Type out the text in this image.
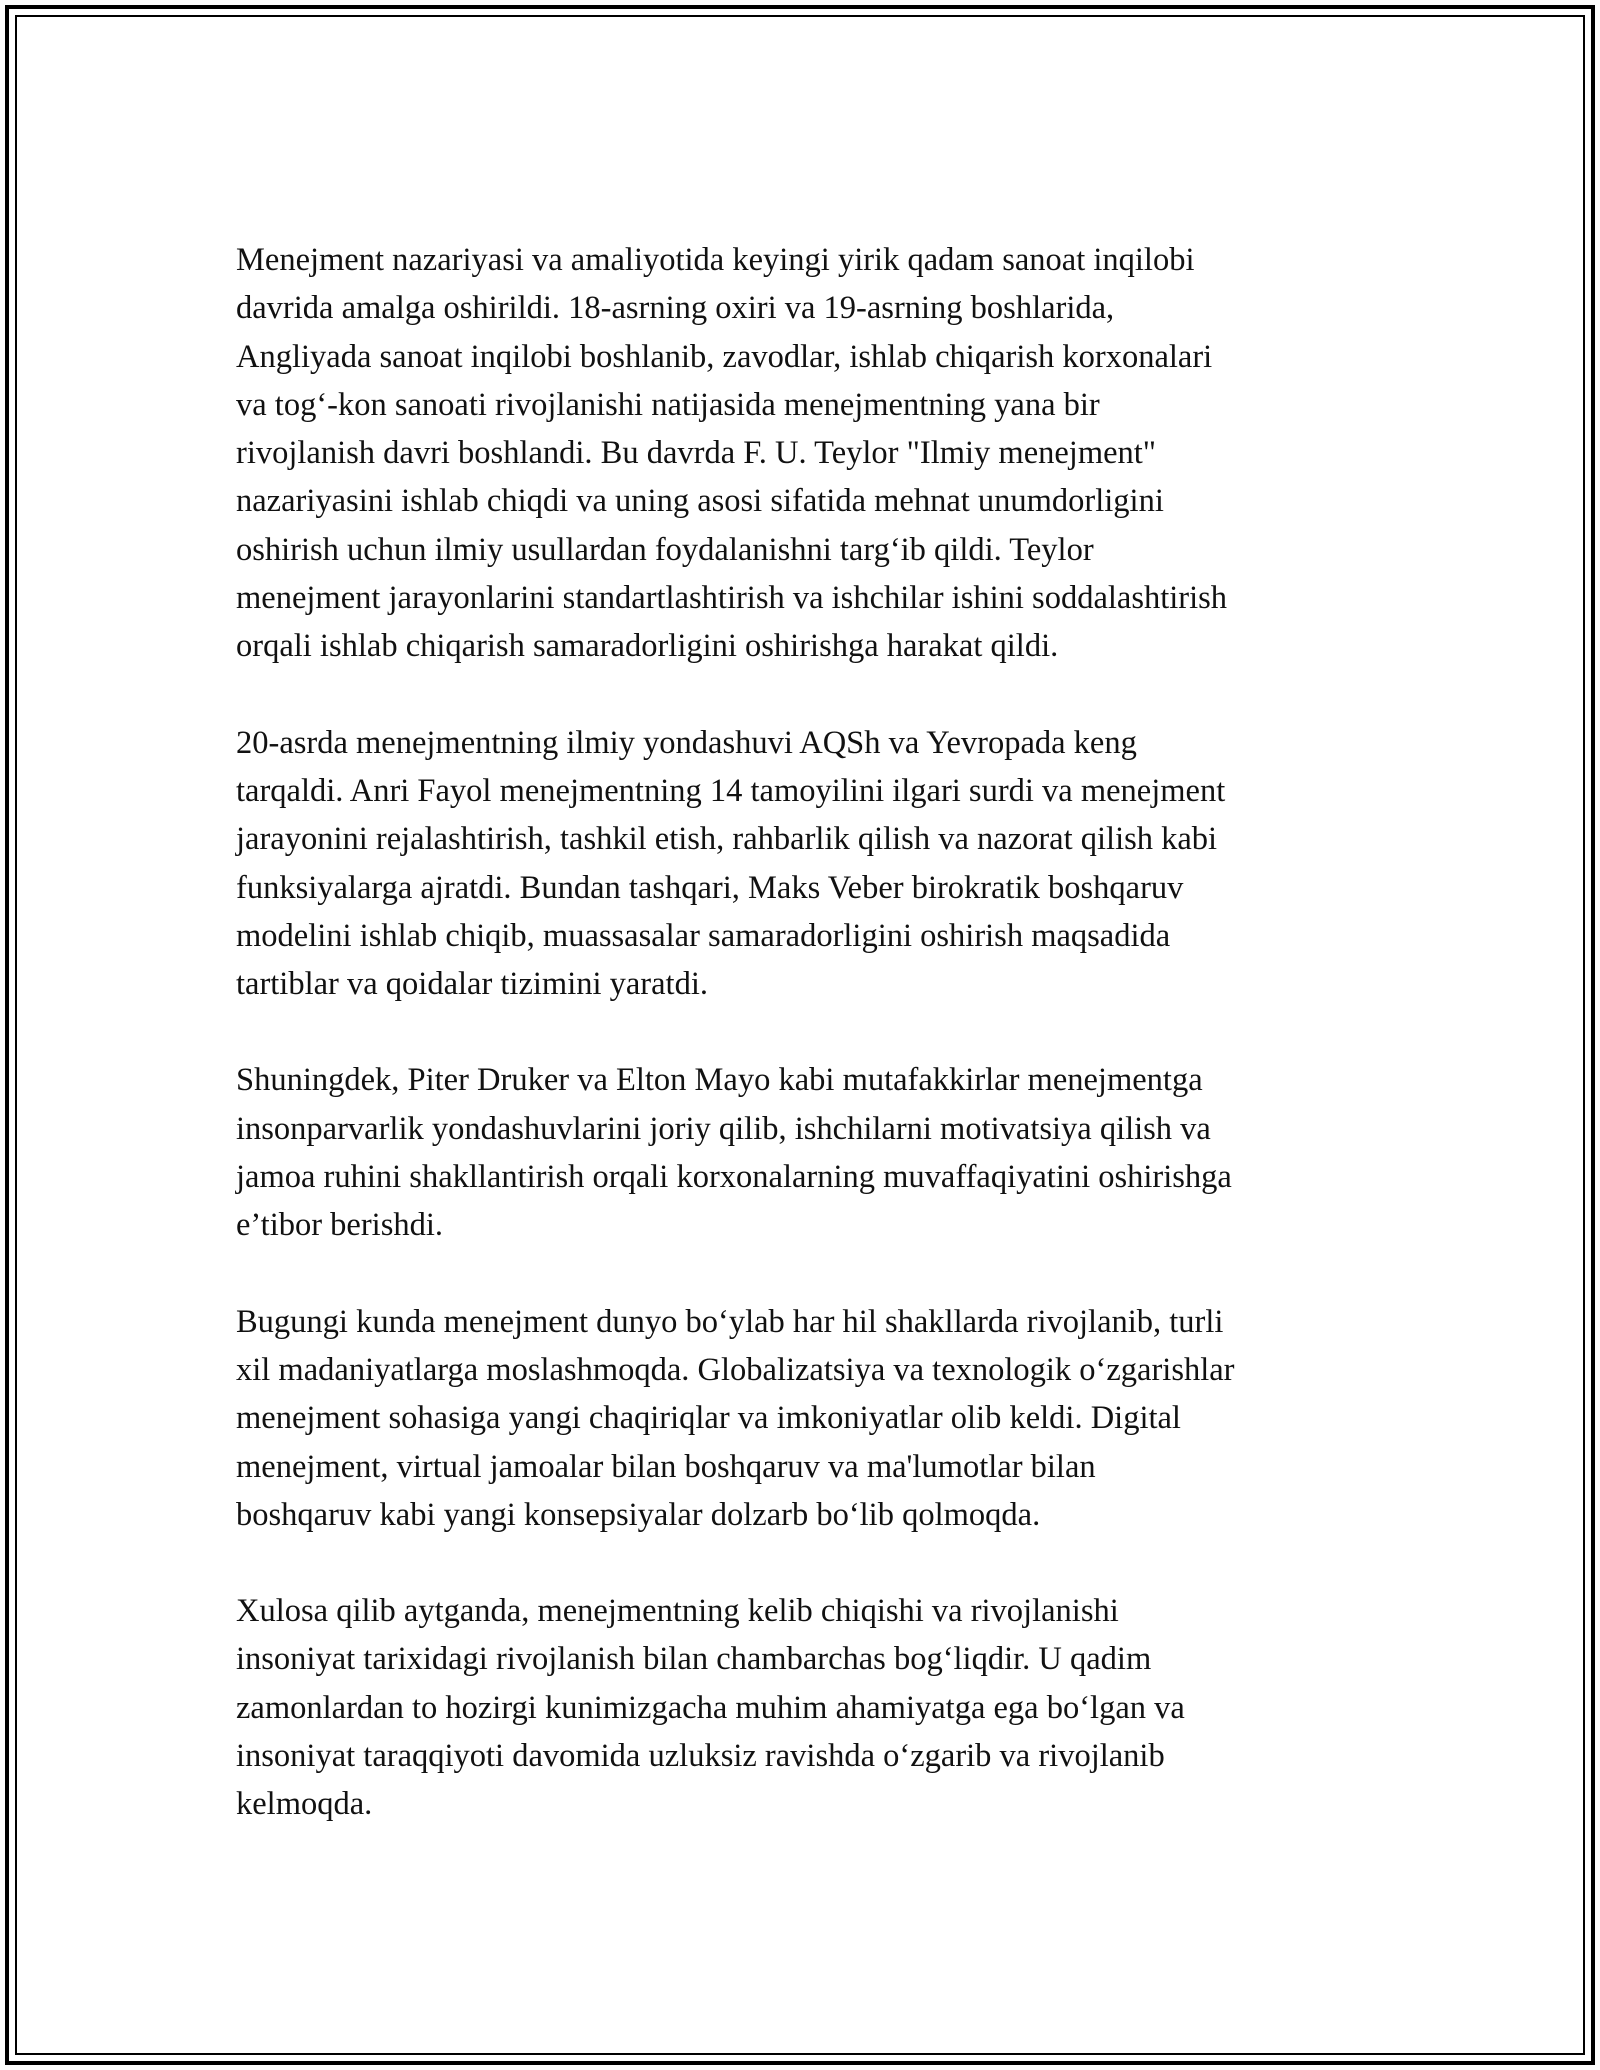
Menejment nazariyasi va amaliyotida keyingi yirik qadam sanoat inqilobi
davrida amalga oshirildi. 18-asrning oxiri va 19-asrning boshlarida,
Angliyada sanoat inqilobi boshlanib, zavodlar, ishlab chiqarish korxonalari
va tog‘-kon sanoati rivojlanishi natijasida menejmentning yana bir
rivojlanish davri boshlandi. Bu davrda F. U. Teylor "Ilmiy menejment"
nazariyasini ishlab chiqdi va uning asosi sifatida mehnat unumdorligini
oshirish uchun ilmiy usullardan foydalanishni targ‘ib qildi. Teylor
menejment jarayonlarini standartlashtirish va ishchilar ishini soddalashtirish
orqali ishlab chiqarish samaradorligini oshirishga harakat qildi.

20-asrda menejmentning ilmiy yondashuvi AQSh va Yevropada keng
tarqaldi. Anri Fayol menejmentning 14 tamoyilini ilgari surdi va menejment
jarayonini rejalashtirish, tashkil etish, rahbarlik qilish va nazorat qilish kabi
funksiyalarga ajratdi. Bundan tashqari, Maks Veber birokratik boshqaruv
modelini ishlab chiqib, muassasalar samaradorligini oshirish maqsadida
tartiblar va qoidalar tizimini yaratdi.

Shuningdek, Piter Druker va Elton Mayo kabi mutafakkirlar menejmentga
insonparvarlik yondashuvlarini joriy qilib, ishchilarni motivatsiya qilish va
jamoa ruhini shakllantirish orqali korxonalarning muvaffaqiyatini oshirishga
e’tibor berishdi.

Bugungi kunda menejment dunyo bo‘ylab har hil shakllarda rivojlanib, turli
xil madaniyatlarga moslashmoqda. Globalizatsiya va texnologik o‘zgarishlar
menejment sohasiga yangi chaqiriqlar va imkoniyatlar olib keldi. Digital
menejment, virtual jamoalar bilan boshqaruv va ma'lumotlar bilan
boshqaruv kabi yangi konsepsiyalar dolzarb bo‘lib qolmoqda.

Xulosa qilib aytganda, menejmentning kelib chiqishi va rivojlanishi
insoniyat tarixidagi rivojlanish bilan chambarchas bog‘liqdir. U qadim
zamonlardan to hozirgi kunimizgacha muhim ahamiyatga ega bo‘lgan va
insoniyat taraqqiyoti davomida uzluksiz ravishda o‘zgarib va rivojlanib
kelmoqda.
